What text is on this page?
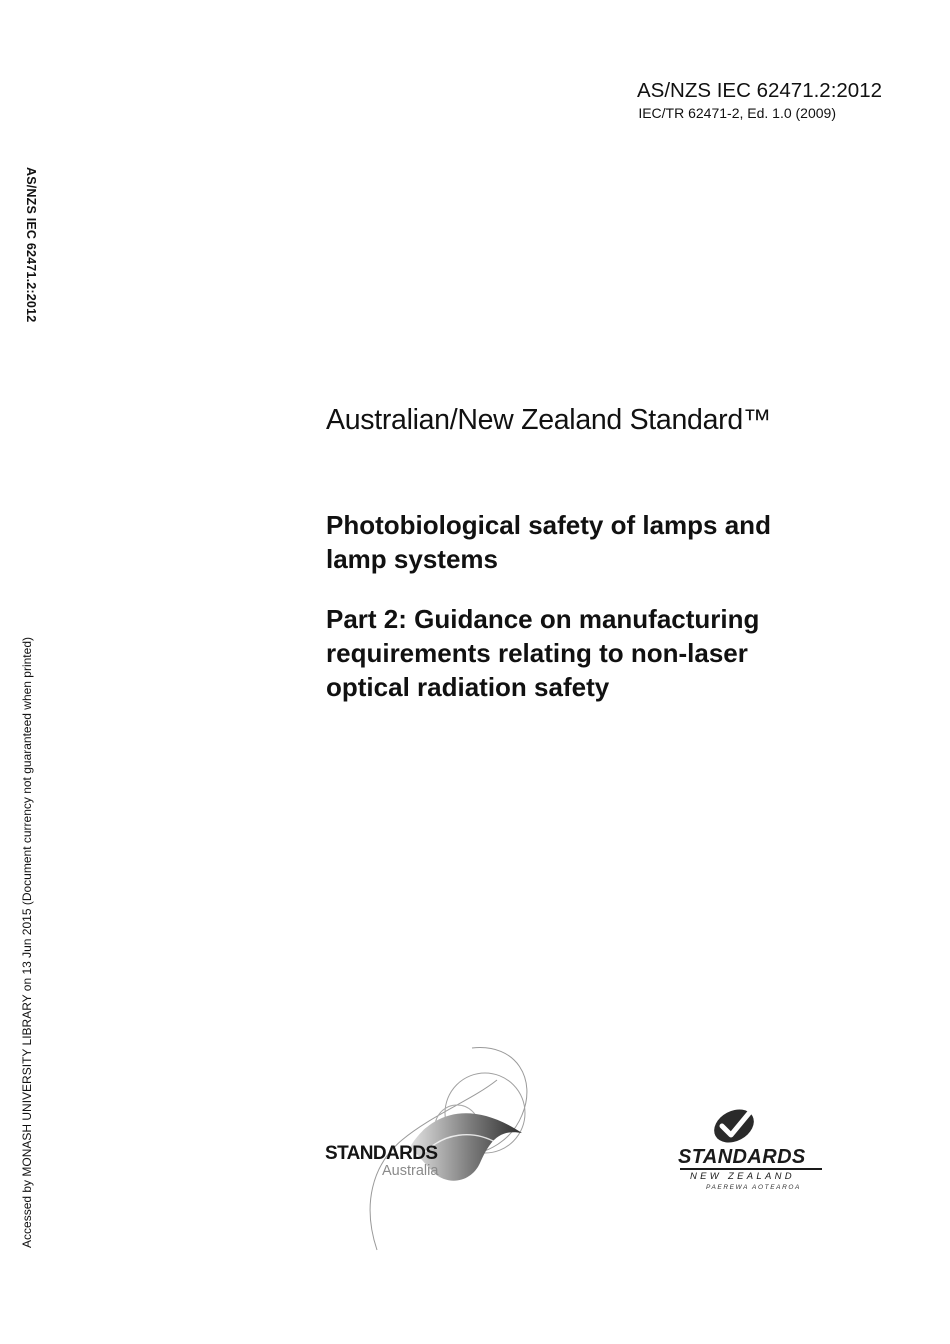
AS/NZS IEC 62471.2:2012
IEC/TR 62471-2, Ed. 1.0 (2009)
AS/NZS IEC 62471.2:2012
Accessed by MONASH UNIVERSITY LIBRARY on 13 Jun 2015 (Document currency not guaranteed when printed)
Australian/New Zealand Standard™
Photobiological safety of lamps and
lamp systems
Part 2: Guidance on manufacturing
requirements relating to non-laser
optical radiation safety
STANDARDS
Australia
STANDARDS
NEW ZEALAND
PAEREWA AOTEAROA
